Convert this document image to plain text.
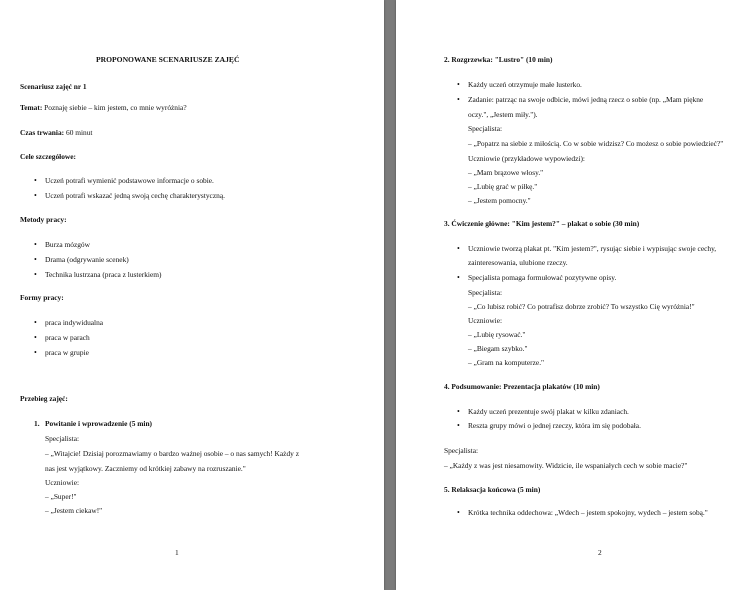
PROPONOWANE SCENARIUSZE ZAJĘĆ
Scenariusz zajęć nr 1
Temat: Poznaję siebie – kim jestem, co mnie wyróżnia?
Czas trwania: 60 minut
Cele szczegółowe:
• Uczeń potrafi wymienić podstawowe informacje o sobie.
• Uczeń potrafi wskazać jedną swoją cechę charakterystyczną.
Metody pracy:
• Burza mózgów
• Drama (odgrywanie scenek)
• Technika lustrzana (praca z lusterkiem)
Formy pracy:
• praca indywidualna
• praca w parach
• praca w grupie
Przebieg zajęć:
1. Powitanie i wprowadzenie (5 min)
Specjalista:
– „Witajcie! Dzisiaj porozmawiamy o bardzo ważnej osobie – o nas samych! Każdy z
nas jest wyjątkowy. Zaczniemy od krótkiej zabawy na rozruszanie."
Uczniowie:
– „Super!"
– „Jestem ciekaw!"
1
2. Rozgrzewka: "Lustro" (10 min)
• Każdy uczeń otrzymuje małe lusterko.
• Zadanie: patrząc na swoje odbicie, mówi jedną rzecz o sobie (np. „Mam piękne
oczy.", „Jestem miły.").
Specjalista:
– „Popatrz na siebie z miłością. Co w sobie widzisz? Co możesz o sobie powiedzieć?"
Uczniowie (przykładowe wypowiedzi):
– „Mam brązowe włosy."
– „Lubię grać w piłkę."
– „Jestem pomocny."
3. Ćwiczenie główne: "Kim jestem?" – plakat o sobie (30 min)
• Uczniowie tworzą plakat pt. "Kim jestem?", rysując siebie i wypisując swoje cechy,
zainteresowania, ulubione rzeczy.
• Specjalista pomaga formułować pozytywne opisy.
Specjalista:
– „Co lubisz robić? Co potrafisz dobrze zrobić? To wszystko Cię wyróżnia!"
Uczniowie:
– „Lubię rysować."
– „Biegam szybko."
– „Gram na komputerze."
4. Podsumowanie: Prezentacja plakatów (10 min)
• Każdy uczeń prezentuje swój plakat w kilku zdaniach.
• Reszta grupy mówi o jednej rzeczy, która im się podobała.
Specjalista:
– „Każdy z was jest niesamowity. Widzicie, ile wspaniałych cech w sobie macie?"
5. Relaksacja końcowa (5 min)
• Krótka technika oddechowa: „Wdech – jestem spokojny, wydech – jestem sobą."
2
